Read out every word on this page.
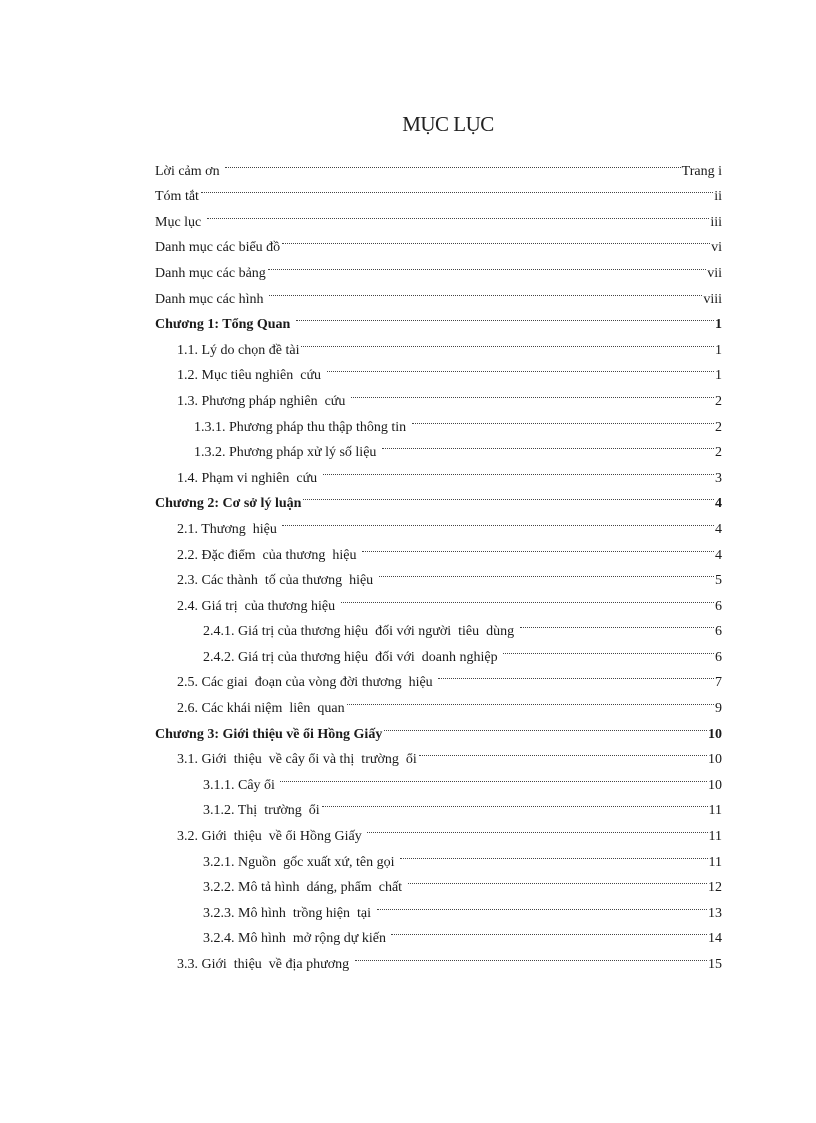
MỤC LỤC
Lời cảm ơn	Trang i
Tóm tắt	ii
Mục lục	iii
Danh mục các biểu đồ	vi
Danh mục các bảng	vii
Danh mục các hình	viii
Chương 1: Tổng Quan	1
1.1. Lý do chọn đề tài	1
1.2. Mục tiêu nghiên  cứu	1
1.3. Phương pháp nghiên  cứu	2
1.3.1. Phương pháp thu thập thông tin	2
1.3.2. Phương pháp xử lý số liệu	2
1.4. Phạm vi nghiên  cứu	3
Chương 2: Cơ sở lý luận	4
2.1. Thương  hiệu	4
2.2. Đặc điểm  của thương  hiệu	4
2.3. Các thành  tố của thương  hiệu	5
2.4. Giá trị  của thương hiệu	6
2.4.1. Giá trị của thương hiệu  đối với người  tiêu  dùng	6
2.4.2. Giá trị của thương hiệu  đối với  doanh nghiệp	6
2.5. Các giai  đoạn của vòng đời thương  hiệu	7
2.6. Các khái niệm  liên  quan	9
Chương 3: Giới thiệu về ổi Hồng Giấy	10
3.1. Giới  thiệu  về cây ổi và thị  trường  ổi	10
3.1.1. Cây ổi	10
3.1.2. Thị  trường  ổi	11
3.2. Giới  thiệu  về ổi Hồng Giấy	11
3.2.1. Nguồn  gốc xuất xứ, tên gọi	11
3.2.2. Mô tả hình  dáng, phẩm  chất	12
3.2.3. Mô hình  trồng hiện  tại	13
3.2.4. Mô hình  mở rộng dự kiến	14
3.3. Giới  thiệu  về địa phương	15
